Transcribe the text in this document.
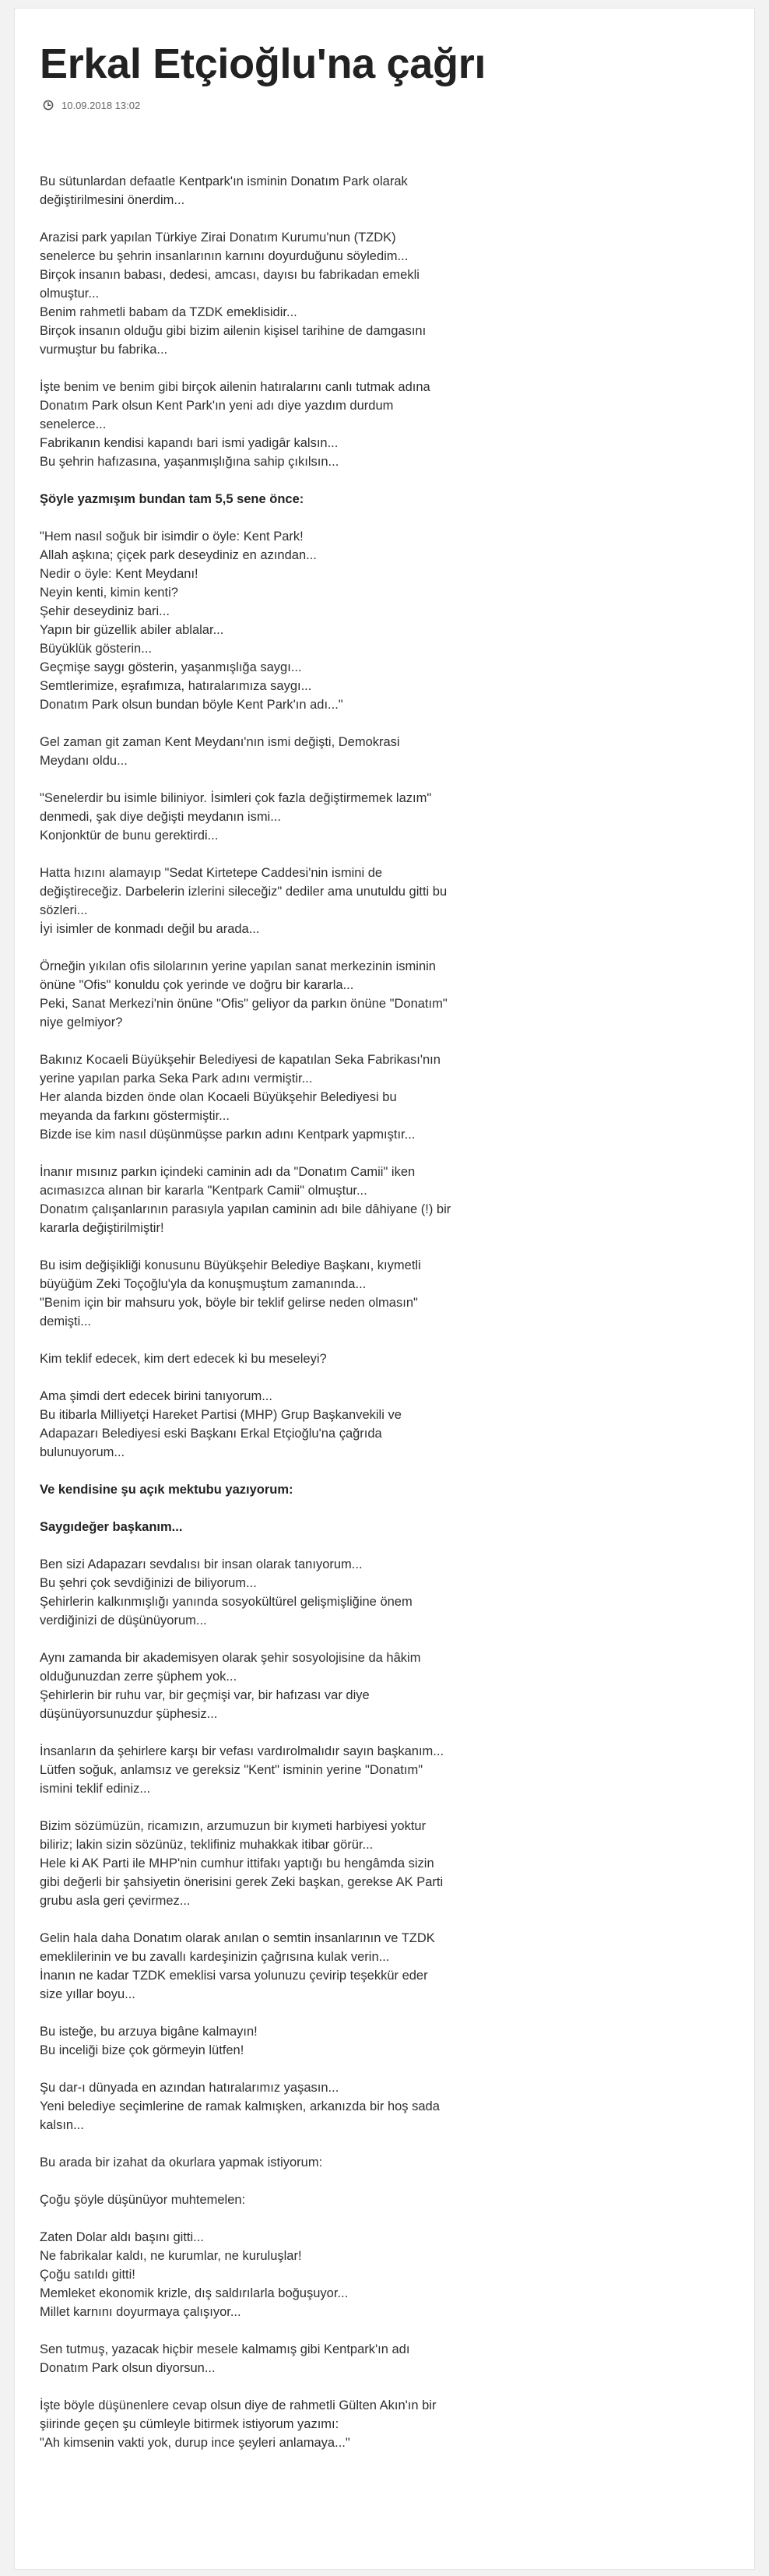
Erkal Etçioğlu'na çağrı
10.09.2018 13:02

Bu sütunlardan defaatle Kentpark'ın isminin Donatım Park olarak
değiştirilmesini önerdim...

Arazisi park yapılan Türkiye Zirai Donatım Kurumu'nun (TZDK)
senelerce bu şehrin insanlarının karnını doyurduğunu söyledim...
Birçok insanın babası, dedesi, amcası, dayısı bu fabrikadan emekli
olmuştur...
Benim rahmetli babam da TZDK emeklisidir...
Birçok insanın olduğu gibi bizim ailenin kişisel tarihine de damgasını
vurmuştur bu fabrika...

İşte benim ve benim gibi birçok ailenin hatıralarını canlı tutmak adına
Donatım Park olsun Kent Park'ın yeni adı diye yazdım durdum
senelerce...
Fabrikanın kendisi kapandı bari ismi yadigâr kalsın...
Bu şehrin hafızasına, yaşanmışlığına sahip çıkılsın...

Şöyle yazmışım bundan tam 5,5 sene önce:

"Hem nasıl soğuk bir isimdir o öyle: Kent Park!
Allah aşkına; çiçek park deseydiniz en azından...
Nedir o öyle: Kent Meydanı!
Neyin kenti, kimin kenti?
Şehir deseydiniz bari...
Yapın bir güzellik abiler ablalar...
Büyüklük gösterin...
Geçmişe saygı gösterin, yaşanmışlığa saygı...
Semtlerimize, eşrafımıza, hatıralarımıza saygı...
Donatım Park olsun bundan böyle Kent Park'ın adı..."

Gel zaman git zaman Kent Meydanı'nın ismi değişti, Demokrasi
Meydanı oldu...

"Senelerdir bu isimle biliniyor. İsimleri çok fazla değiştirmemek lazım"
denmedi, şak diye değişti meydanın ismi...
Konjonktür de bunu gerektirdi...

Hatta hızını alamayıp "Sedat Kirtetepe Caddesi'nin ismini de
değiştireceğiz. Darbelerin izlerini sileceğiz" dediler ama unutuldu gitti bu
sözleri...
İyi isimler de konmadı değil bu arada...

Örneğin yıkılan ofis silolarının yerine yapılan sanat merkezinin isminin
önüne "Ofis" konuldu çok yerinde ve doğru bir kararla...
Peki, Sanat Merkezi'nin önüne "Ofis" geliyor da parkın önüne "Donatım"
niye gelmiyor?

Bakınız Kocaeli Büyükşehir Belediyesi de kapatılan Seka Fabrikası'nın
yerine yapılan parka Seka Park adını vermiştir...
Her alanda bizden önde olan Kocaeli Büyükşehir Belediyesi bu
meyanda da farkını göstermiştir...
Bizde ise kim nasıl düşünmüşse parkın adını Kentpark yapmıştır...

İnanır mısınız parkın içindeki caminin adı da "Donatım Camii" iken
acımasızca alınan bir kararla "Kentpark Camii" olmuştur...
Donatım çalışanlarının parasıyla yapılan caminin adı bile dâhiyane (!) bir
kararla değiştirilmiştir!

Bu isim değişikliği konusunu Büyükşehir Belediye Başkanı, kıymetli
büyüğüm Zeki Toçoğlu'yla da konuşmuştum zamanında...
"Benim için bir mahsuru yok, böyle bir teklif gelirse neden olmasın"
demişti...

Kim teklif edecek, kim dert edecek ki bu meseleyi?

Ama şimdi dert edecek birini tanıyorum...
Bu itibarla Milliyetçi Hareket Partisi (MHP) Grup Başkanvekili ve
Adapazarı Belediyesi eski Başkanı Erkal Etçioğlu'na çağrıda
bulunuyorum...

Ve kendisine şu açık mektubu yazıyorum:

Saygıdeğer başkanım...

Ben sizi Adapazarı sevdalısı bir insan olarak tanıyorum...
Bu şehri çok sevdiğinizi de biliyorum...
Şehirlerin kalkınmışlığı yanında sosyokültürel gelişmişliğine önem
verdiğinizi de düşünüyorum...

Aynı zamanda bir akademisyen olarak şehir sosyolojisine da hâkim
olduğunuzdan zerre şüphem yok...
Şehirlerin bir ruhu var, bir geçmişi var, bir hafızası var diye
düşünüyorsunuzdur şüphesiz...

İnsanların da şehirlere karşı bir vefası vardırolmalıdır sayın başkanım...
Lütfen soğuk, anlamsız ve gereksiz "Kent" isminin yerine "Donatım"
ismini teklif ediniz...

Bizim sözümüzün, ricamızın, arzumuzun bir kıymeti harbiyesi yoktur
biliriz; lakin sizin sözünüz, teklifiniz muhakkak itibar görür...
Hele ki AK Parti ile MHP'nin cumhur ittifakı yaptığı bu hengâmda sizin
gibi değerli bir şahsiyetin önerisini gerek Zeki başkan, gerekse AK Parti
grubu asla geri çevirmez...

Gelin hala daha Donatım olarak anılan o semtin insanlarının ve TZDK
emeklilerinin ve bu zavallı kardeşinizin çağrısına kulak verin...
İnanın ne kadar TZDK emeklisi varsa yolunuzu çevirip teşekkür eder
size yıllar boyu...

Bu isteğe, bu arzuya bigâne kalmayın!
Bu inceliği bize çok görmeyin lütfen!

Şu dar-ı dünyada en azından hatıralarımız yaşasın...
Yeni belediye seçimlerine de ramak kalmışken, arkanızda bir hoş sada
kalsın...

Bu arada bir izahat da okurlara yapmak istiyorum:

Çoğu şöyle düşünüyor muhtemelen:

Zaten Dolar aldı başını gitti...
Ne fabrikalar kaldı, ne kurumlar, ne kuruluşlar!
Çoğu satıldı gitti!
Memleket ekonomik krizle, dış saldırılarla boğuşuyor...
Millet karnını doyurmaya çalışıyor...

Sen tutmuş, yazacak hiçbir mesele kalmamış gibi Kentpark'ın adı
Donatım Park olsun diyorsun...

İşte böyle düşünenlere cevap olsun diye de rahmetli Gülten Akın'ın bir
şiirinde geçen şu cümleyle bitirmek istiyorum yazımı:
"Ah kimsenin vakti yok, durup ince şeyleri anlamaya..."
